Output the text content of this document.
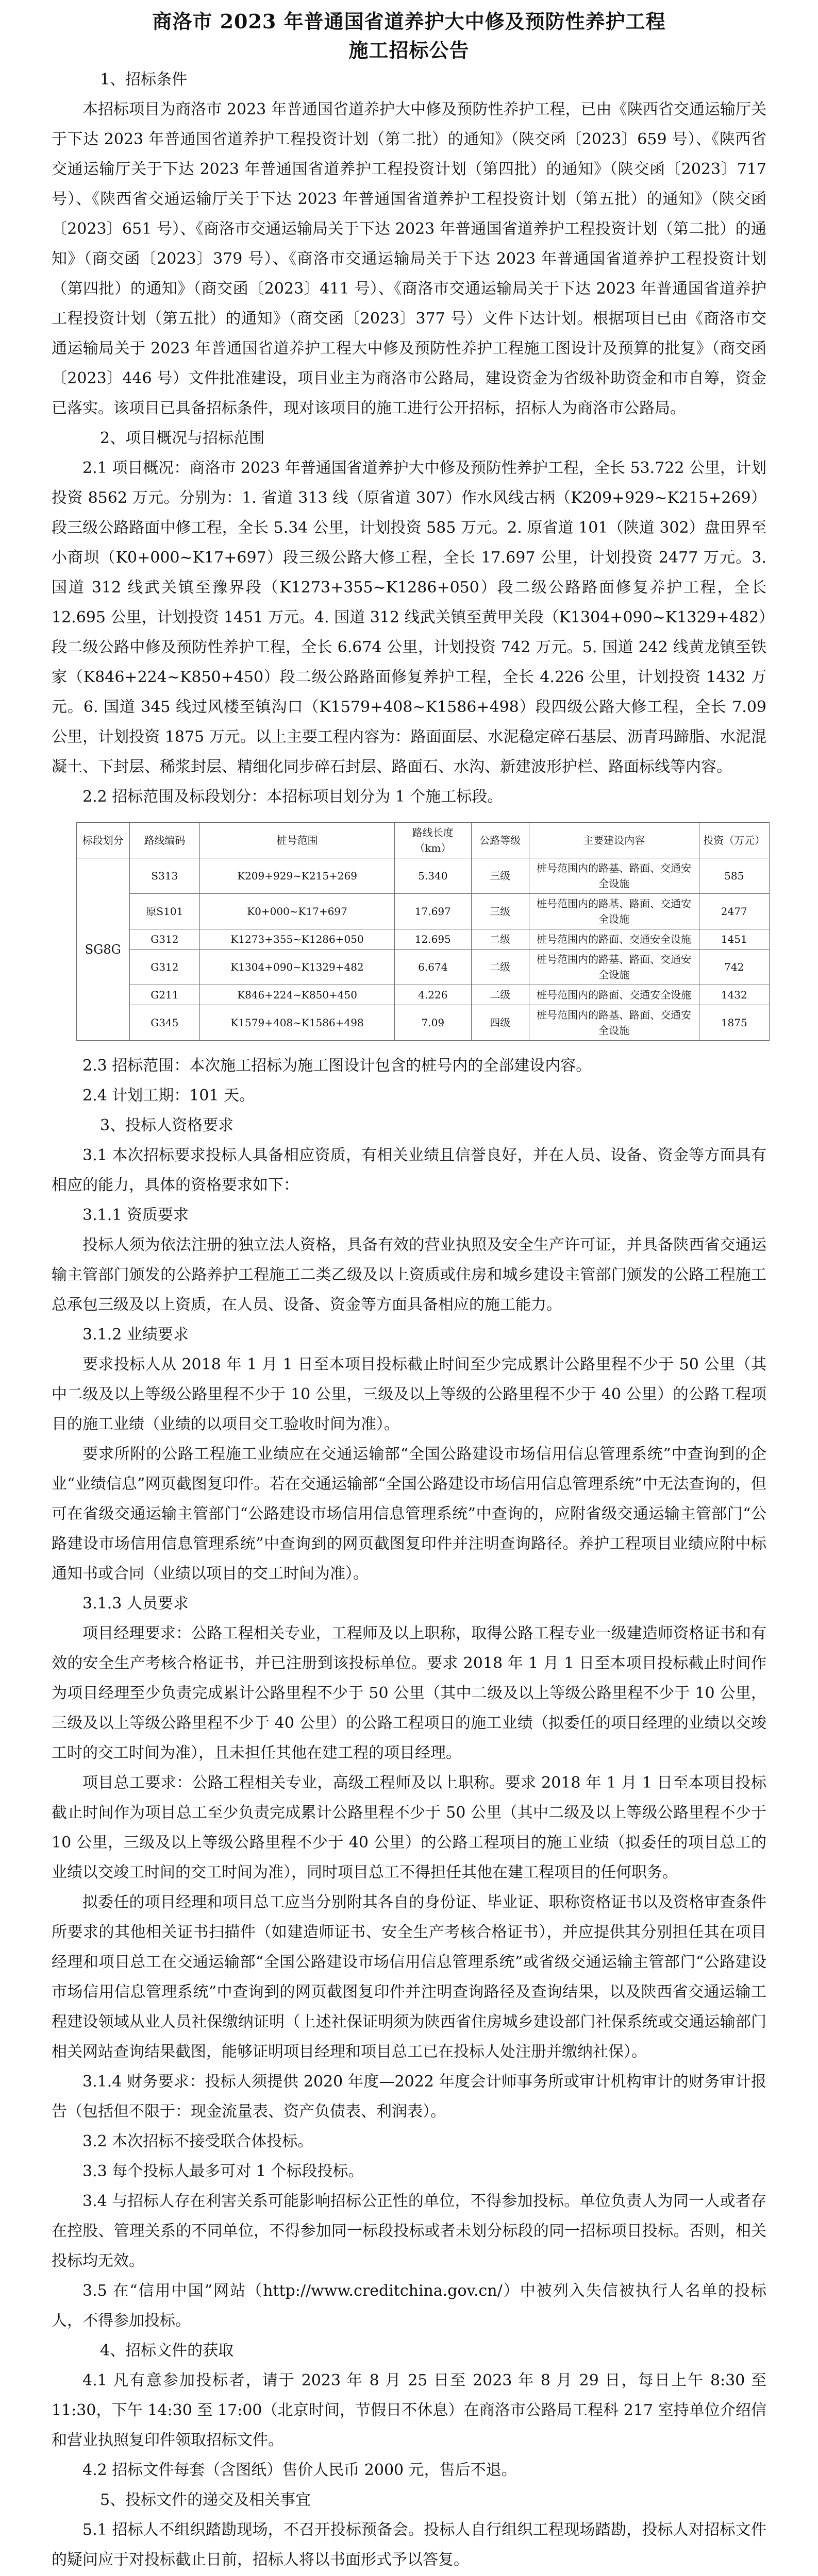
商洛市 2023 年普通国省道养护大中修及预防性养护工程
施工招标公告

1、招标条件

本招标项目为商洛市 2023 年普通国省道养护大中修及预防性养护工程，已由《陕西省交通运输厅关于下达 2023 年普通国省道养护工程投资计划（第二批）的通知》（陕交函〔2023〕659 号）、《陕西省交通运输厅关于下达 2023 年普通国省道养护工程投资计划（第四批）的通知》（陕交函〔2023〕717 号）、《陕西省交通运输厅关于下达 2023 年普通国省道养护工程投资计划（第五批）的通知》（陕交函〔2023〕651 号）、《商洛市交通运输局关于下达 2023 年普通国省道养护工程投资计划（第二批）的通知》（商交函〔2023〕379 号）、《商洛市交通运输局关于下达 2023 年普通国省道养护工程投资计划（第四批）的通知》（商交函〔2023〕411 号）、《商洛市交通运输局关于下达 2023 年普通国省道养护工程投资计划（第五批）的通知》（商交函〔2023〕377 号）文件下达计划。根据项目已由《商洛市交通运输局关于 2023 年普通国省道养护工程大中修及预防性养护工程施工图设计及预算的批复》（商交函〔2023〕446 号）文件批准建设，项目业主为商洛市公路局，建设资金为省级补助资金和市自筹，资金已落实。该项目已具备招标条件，现对该项目的施工进行公开招标，招标人为商洛市公路局。

2、项目概况与招标范围

2.1 项目概况：商洛市 2023 年普通国省道养护大中修及预防性养护工程，全长 53.722 公里，计划投资 8562 万元。分别为：1. 省道 313 线（原省道 307）作水风线古柄（K209+929~K215+269）段三级公路路面中修工程，全长 5.34 公里，计划投资 585 万元。2. 原省道 101（陕道 302）盘田界至小商坝（K0+000~K17+697）段三级公路大修工程，全长 17.697 公里，计划投资 2477 万元。3. 国道 312 线武关镇至豫界段（K1273+355~K1286+050）段二级公路路面修复养护工程，全长 12.695 公里，计划投资 1451 万元。4. 国道 312 线武关镇至黄甲关段（K1304+090~K1329+482）段二级公路中修及预防性养护工程，全长 6.674 公里，计划投资 742 万元。5. 国道 242 线黄龙镇至铁家（K846+224~K850+450）段二级公路路面修复养护工程，全长 4.226 公里，计划投资 1432 万元。6. 国道 345 线过风楼至镇沟口（K1579+408~K1586+498）段四级公路大修工程，全长 7.09 公里，计划投资 1875 万元。以上主要工程内容为：路面面层、水泥稳定碎石基层、沥青玛蹄脂、水泥混凝土、下封层、稀浆封层、精细化同步碎石封层、路面石、水沟、新建波形护栏、路面标线等内容。

2.2 招标范围及标段划分：本招标项目划分为 1 个施工标段。

标段划分	路线编码	桩号范围	路线长度（km）	公路等级	主要建设内容	投资（万元）
SG8G	S313	K209+929~K215+269	5.340	三级	桩号范围内的路基、路面、交通安全设施	585
	原S101	K0+000~K17+697	17.697	三级	桩号范围内的路基、路面、交通安全设施	2477
	G312	K1273+355~K1286+050	12.695	二级	桩号范围内的路面、交通安全设施	1451
	G312	K1304+090~K1329+482	6.674	二级	桩号范围内的路基、路面、交通安全设施	742
	G211	K846+224~K850+450	4.226	二级	桩号范围内的路面、交通安全设施	1432
	G345	K1579+408~K1586+498	7.09	四级	桩号范围内的路基、路面、交通安全设施	1875

2.3 招标范围：本次施工招标为施工图设计包含的桩号内的全部建设内容。

2.4 计划工期：101 天。

3、投标人资格要求

3.1 本次招标要求投标人具备相应资质，有相关业绩且信誉良好，并在人员、设备、资金等方面具有相应的能力，具体的资格要求如下：

3.1.1 资质要求

投标人须为依法注册的独立法人资格，具备有效的营业执照及安全生产许可证，并具备陕西省交通运输主管部门颁发的公路养护工程施工二类乙级及以上资质或住房和城乡建设主管部门颁发的公路工程施工总承包三级及以上资质，在人员、设备、资金等方面具备相应的施工能力。

3.1.2 业绩要求

要求投标人从 2018 年 1 月 1 日至本项目投标截止时间至少完成累计公路里程不少于 50 公里（其中二级及以上等级公路里程不少于 10 公里，三级及以上等级的公路里程不少于 40 公里）的公路工程项目的施工业绩（业绩的以项目交工验收时间为准）。

要求所附的公路工程施工业绩应在交通运输部“全国公路建设市场信用信息管理系统”中查询到的企业“业绩信息”网页截图复印件。若在交通运输部“全国公路建设市场信用信息管理系统”中无法查询的，但可在省级交通运输主管部门“公路建设市场信用信息管理系统”中查询的，应附省级交通运输主管部门“公路建设市场信用信息管理系统”中查询到的网页截图复印件并注明查询路径。养护工程项目业绩应附中标通知书或合同（业绩以项目的交工时间为准）。

3.1.3 人员要求

项目经理要求：公路工程相关专业，工程师及以上职称，取得公路工程专业一级建造师资格证书和有效的安全生产考核合格证书，并已注册到该投标单位。要求 2018 年 1 月 1 日至本项目投标截止时间作为项目经理至少负责完成累计公路里程不少于 50 公里（其中二级及以上等级公路里程不少于 10 公里，三级及以上等级公路里程不少于 40 公里）的公路工程项目的施工业绩（拟委任的项目经理的业绩以交竣工时的交工时间为准），且未担任其他在建工程的项目经理。

项目总工要求：公路工程相关专业，高级工程师及以上职称。要求 2018 年 1 月 1 日至本项目投标截止时间作为项目总工至少负责完成累计公路里程不少于 50 公里（其中二级及以上等级公路里程不少于 10 公里，三级及以上等级公路里程不少于 40 公里）的公路工程项目的施工业绩（拟委任的项目总工的业绩以交竣工时间的交工时间为准），同时项目总工不得担任其他在建工程项目的任何职务。

拟委任的项目经理和项目总工应当分别附其各自的身份证、毕业证、职称资格证书以及资格审查条件所要求的其他相关证书扫描件（如建造师证书、安全生产考核合格证书），并应提供其分别担任其在项目经理和项目总工在交通运输部“全国公路建设市场信用信息管理系统”或省级交通运输主管部门“公路建设市场信用信息管理系统”中查询到的网页截图复印件并注明查询路径及查询结果，以及陕西省交通运输工程建设领域从业人员社保缴纳证明（上述社保证明须为陕西省住房城乡建设部门社保系统或交通运输部门相关网站查询结果截图，能够证明项目经理和项目总工已在投标人处注册并缴纳社保）。

3.1.4 财务要求：投标人须提供 2020 年度—2022 年度会计师事务所或审计机构审计的财务审计报告（包括但不限于：现金流量表、资产负债表、利润表）。

3.2 本次招标不接受联合体投标。

3.3 每个投标人最多可对 1 个标段投标。

3.4 与招标人存在利害关系可能影响招标公正性的单位，不得参加投标。单位负责人为同一人或者存在控股、管理关系的不同单位，不得参加同一标段投标或者未划分标段的同一招标项目投标。否则，相关投标均无效。

3.5 在“信用中国”网站（http://www.creditchina.gov.cn/）中被列入失信被执行人名单的投标人，不得参加投标。

4、招标文件的获取

4.1 凡有意参加投标者，请于 2023 年 8 月 25 日至 2023 年 8 月 29 日，每日上午 8:30 至 11:30，下午 14:30 至 17:00（北京时间，节假日不休息）在商洛市公路局工程科 217 室持单位介绍信和营业执照复印件领取招标文件。

4.2 招标文件每套（含图纸）售价人民币 2000 元，售后不退。

5、投标文件的递交及相关事宜

5.1 招标人不组织踏勘现场，不召开投标预备会。投标人自行组织工程现场踏勘，投标人对招标文件的疑问应于对投标截止日前，招标人将以书面形式予以答复。
